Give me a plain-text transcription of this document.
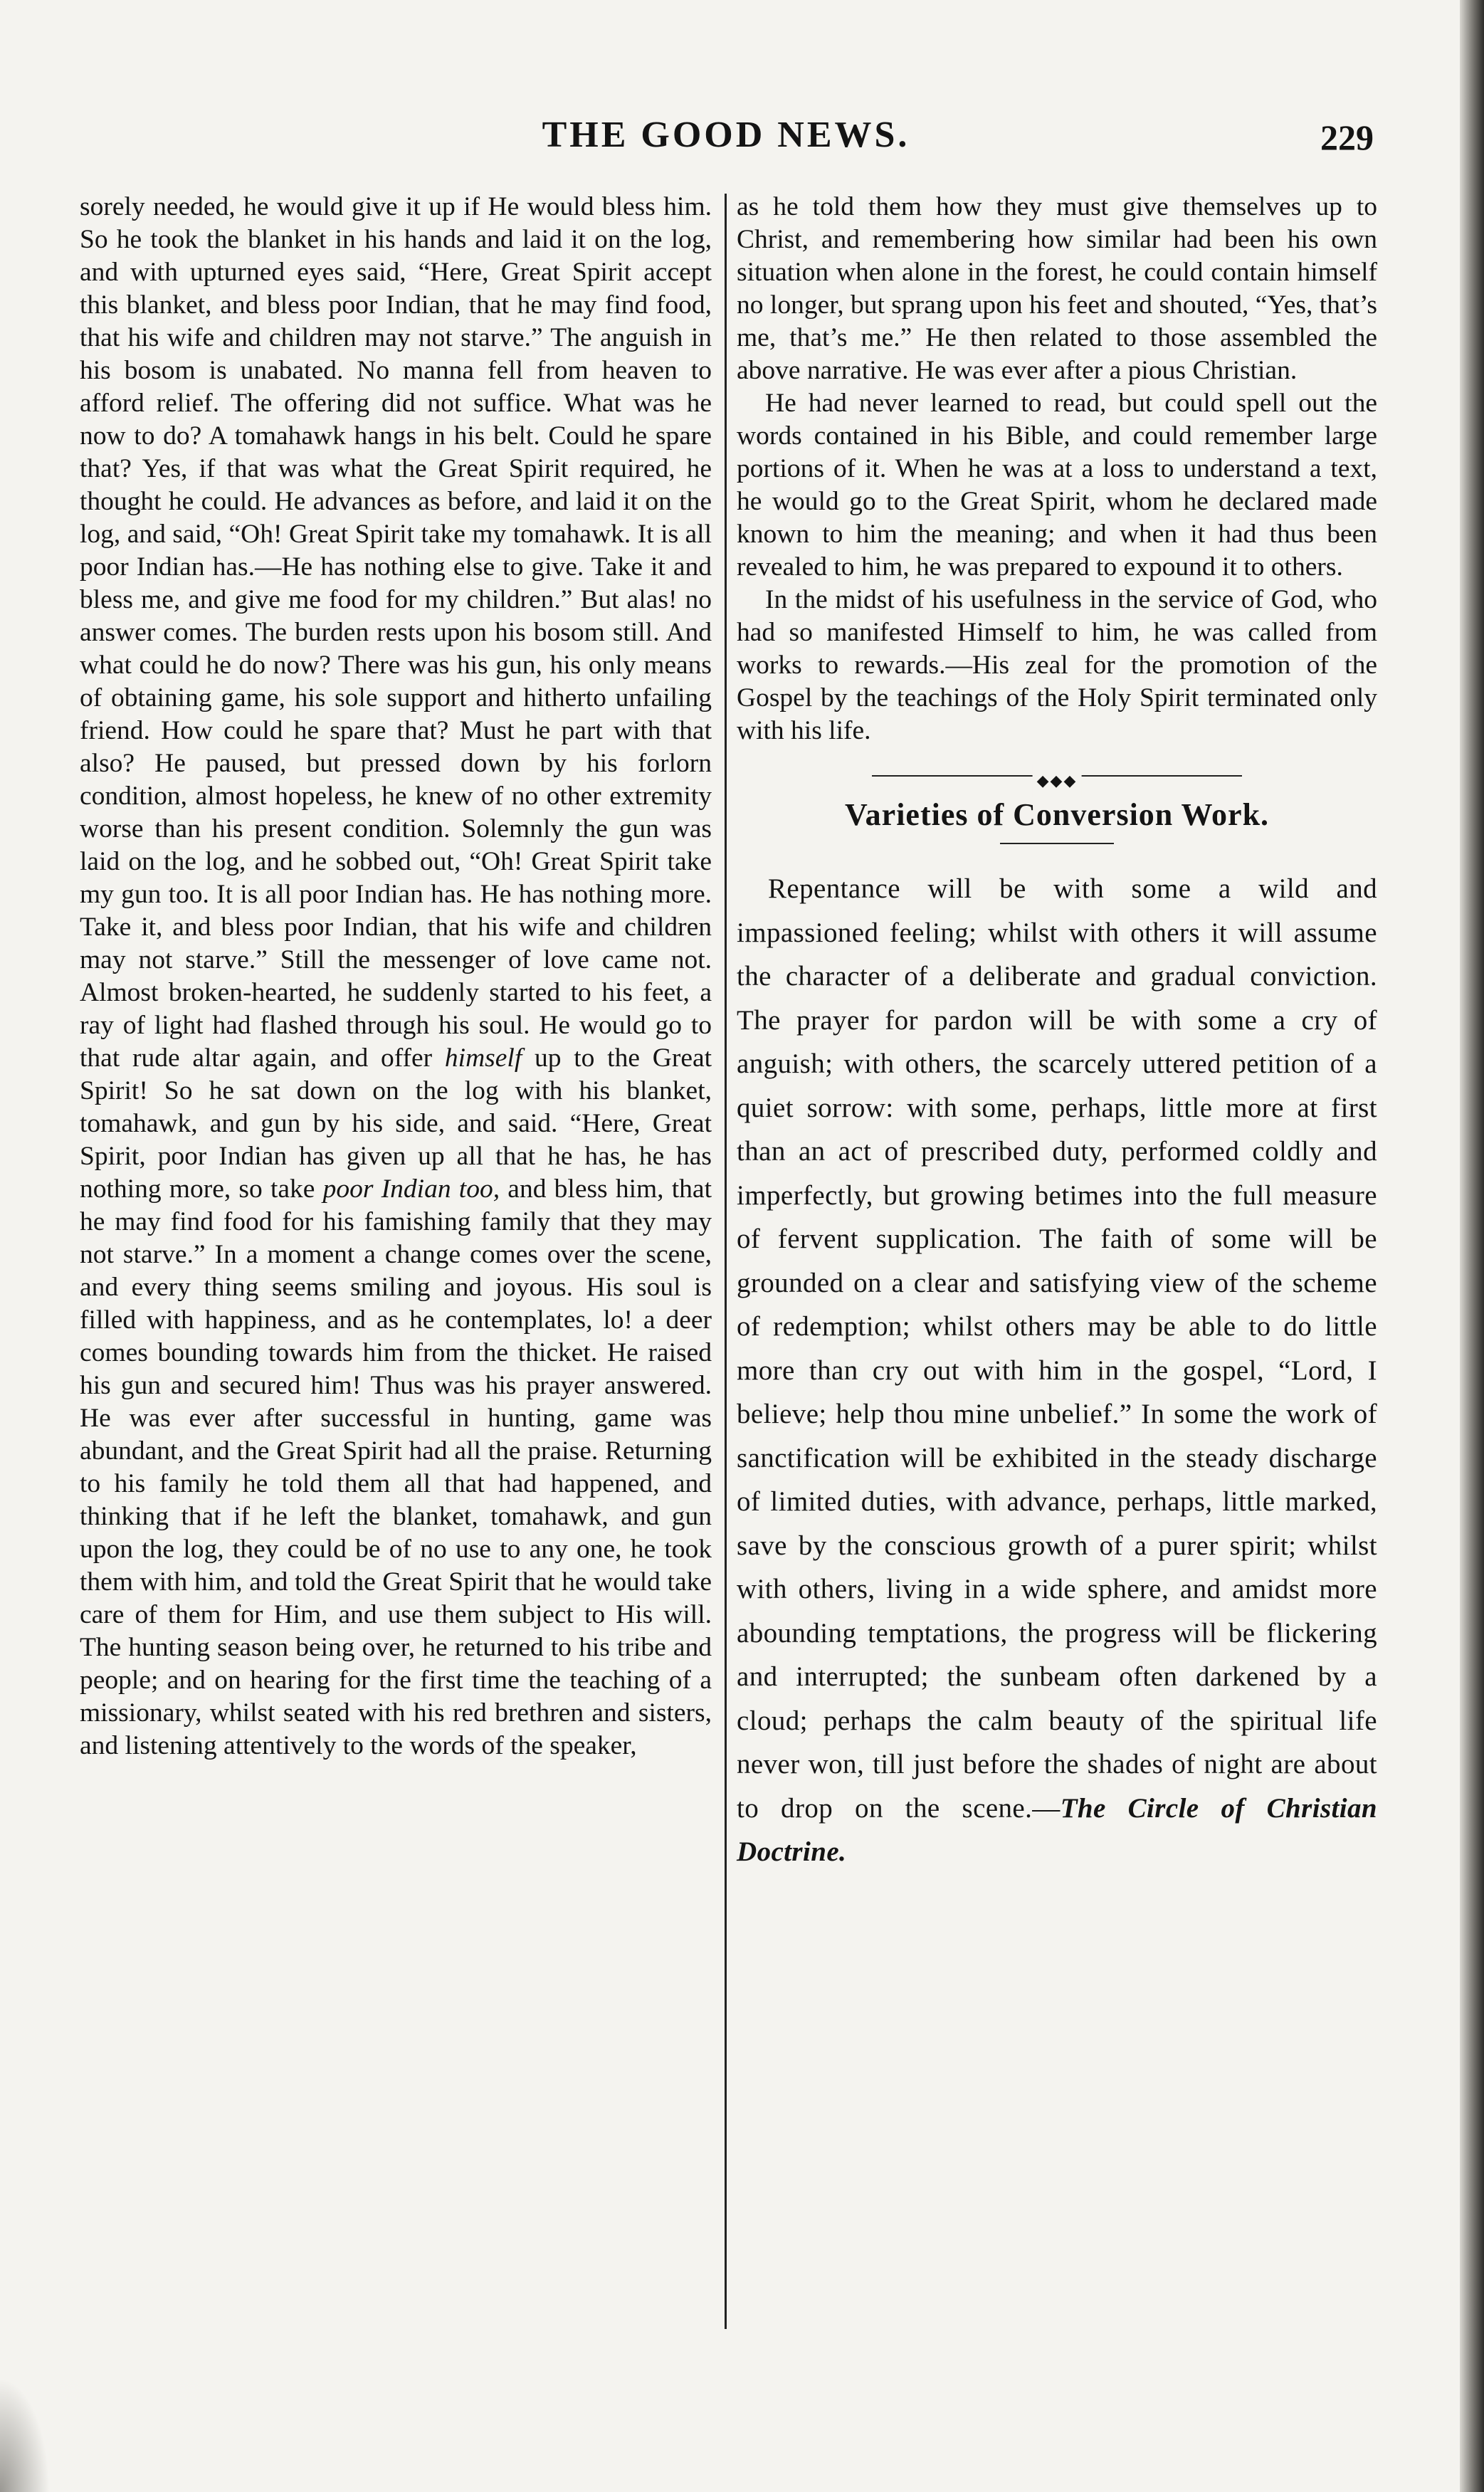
THE GOOD NEWS.	229

sorely needed, he would give it up if He would bless him. So he took the blanket in his hands and laid it on the log, and with upturned eyes said, “Here, Great Spirit accept this blanket, and bless poor Indian, that he may find food, that his wife and children may not starve.” The anguish in his bosom is unabated. No manna fell from heaven to afford relief. The offering did not suffice. What was he now to do? A tomahawk hangs in his belt. Could he spare that? Yes, if that was what the Great Spirit required, he thought he could. He advances as before, and laid it on the log, and said, “Oh! Great Spirit take my tomahawk. It is all poor Indian has.—He has nothing else to give. Take it and bless me, and give me food for my children.” But alas! no answer comes. The burden rests upon his bosom still. And what could he do now? There was his gun, his only means of obtaining game, his sole support and hitherto unfailing friend. How could he spare that? Must he part with that also? He paused, but pressed down by his forlorn condition, almost hopeless, he knew of no other extremity worse than his present condition. Solemnly the gun was laid on the log, and he sobbed out, “Oh! Great Spirit take my gun too. It is all poor Indian has. He has nothing more. Take it, and bless poor Indian, that his wife and children may not starve.” Still the messenger of love came not. Almost broken-hearted, he suddenly started to his feet, a ray of light had flashed through his soul. He would go to that rude altar again, and offer himself up to the Great Spirit! So he sat down on the log with his blanket, tomahawk, and gun by his side, and said. “Here, Great Spirit, poor Indian has given up all that he has, he has nothing more, so take poor Indian too, and bless him, that he may find food for his famishing family that they may not starve.” In a moment a change comes over the scene, and every thing seems smiling and joyous. His soul is filled with happiness, and as he contemplates, lo! a deer comes bounding towards him from the thicket. He raised his gun and secured him! Thus was his prayer answered. He was ever after successful in hunting, game was abundant, and the Great Spirit had all the praise. Returning to his family he told them all that had happened, and thinking that if he left the blanket, tomahawk, and gun upon the log, they could be of no use to any one, he took them with him, and told the Great Spirit that he would take care of them for Him, and use them subject to His will. The hunting season being over, he returned to his tribe and people; and on hearing for the first time the teaching of a missionary, whilst seated with his red brethren and sisters, and listening attentively to the words of the speaker,

as he told them how they must give themselves up to Christ, and remembering how similar had been his own situation when alone in the forest, he could contain himself no longer, but sprang upon his feet and shouted, “Yes, that’s me, that’s me.” He then related to those assembled the above narrative. He was ever after a pious Christian.

He had never learned to read, but could spell out the words contained in his Bible, and could remember large portions of it. When he was at a loss to understand a text, he would go to the Great Spirit, whom he declared made known to him the meaning; and when it had thus been revealed to him, he was prepared to expound it to others.

In the midst of his usefulness in the service of God, who had so manifested Himself to him, he was called from works to rewards.—His zeal for the promotion of the Gospel by the teachings of the Holy Spirit terminated only with his life.

◆◆◆
Varieties of Conversion Work.

Repentance will be with some a wild and impassioned feeling; whilst with others it will assume the character of a deliberate and gradual conviction. The prayer for pardon will be with some a cry of anguish; with others, the scarcely uttered petition of a quiet sorrow: with some, perhaps, little more at first than an act of prescribed duty, performed coldly and imperfectly, but growing betimes into the full measure of fervent supplication. The faith of some will be grounded on a clear and satisfying view of the scheme of redemption; whilst others may be able to do little more than cry out with him in the gospel, “Lord, I believe; help thou mine unbelief.” In some the work of sanctification will be exhibited in the steady discharge of limited duties, with advance, perhaps, little marked, save by the conscious growth of a purer spirit; whilst with others, living in a wide sphere, and amidst more abounding temptations, the progress will be flickering and interrupted; the sunbeam often darkened by a cloud; perhaps the calm beauty of the spiritual life never won, till just before the shades of night are about to drop on the scene.—The Circle of Christian Doctrine.
